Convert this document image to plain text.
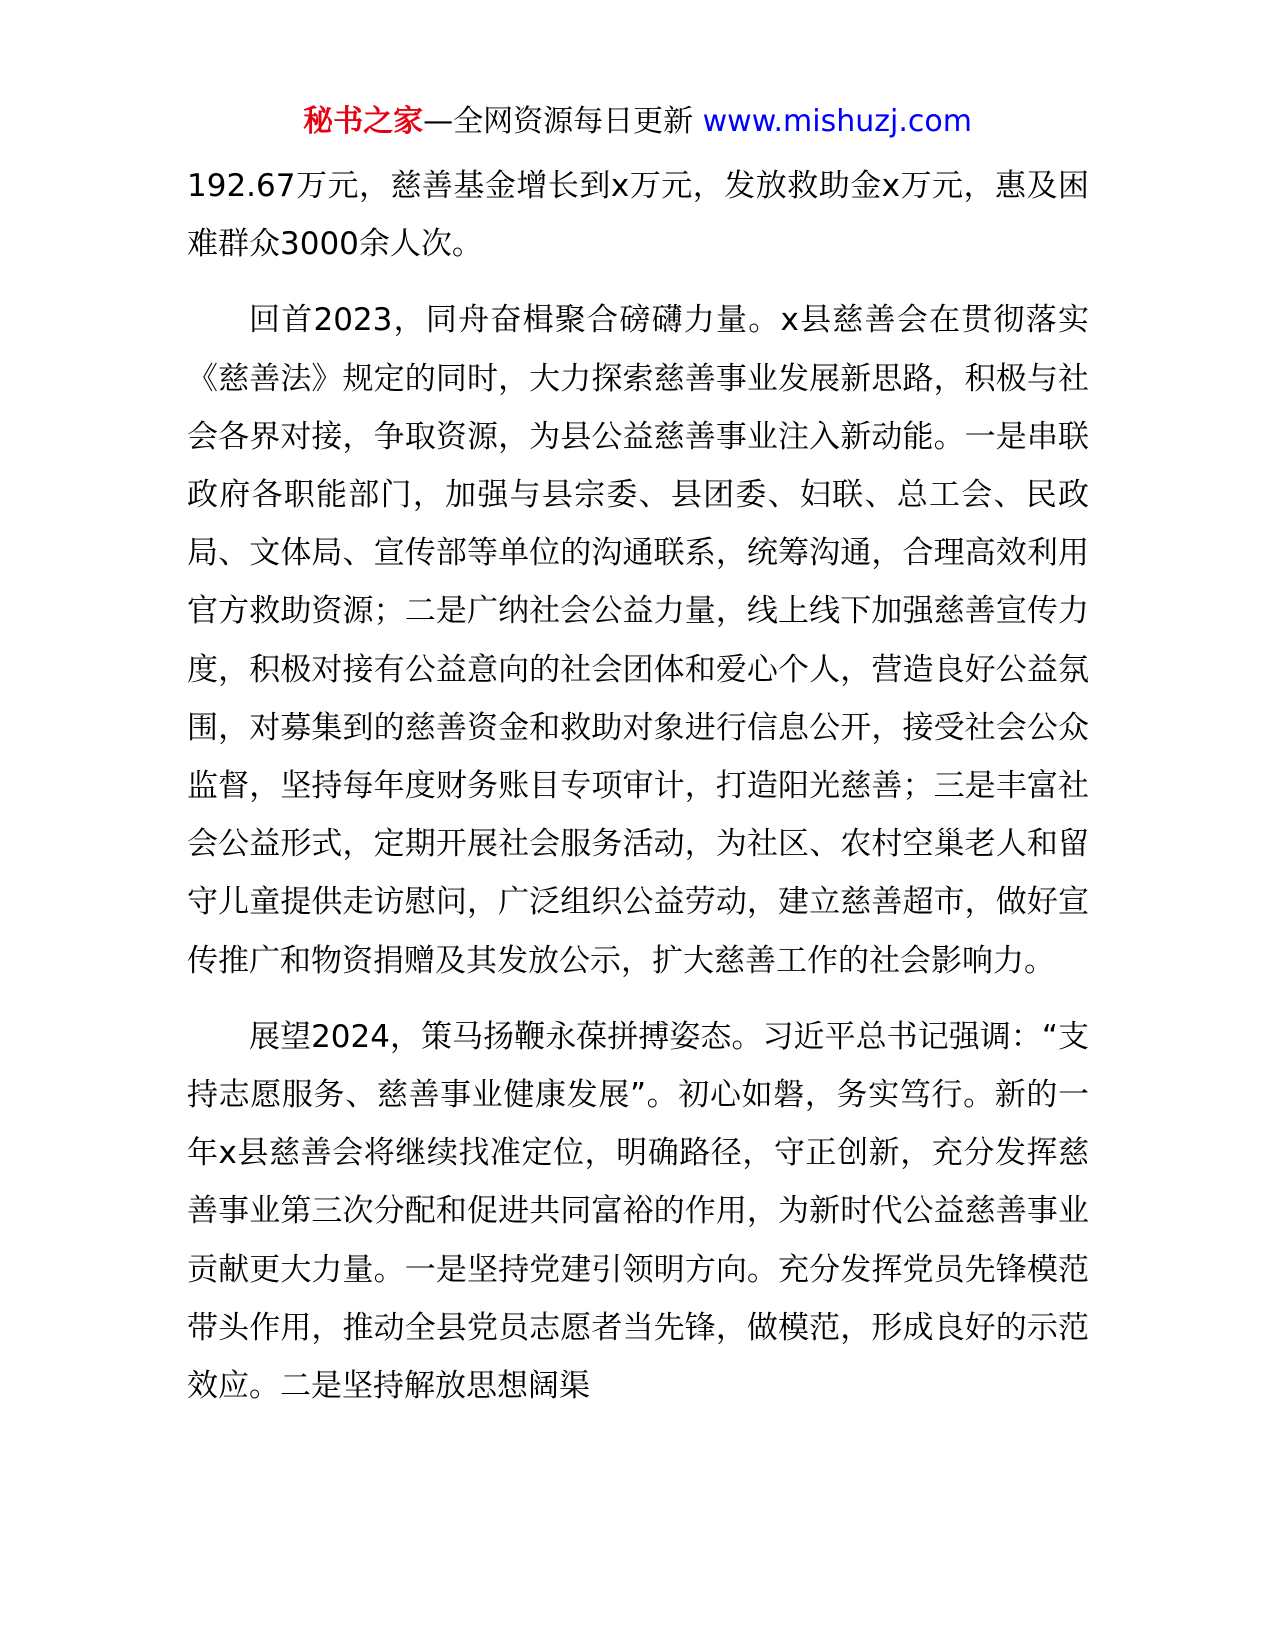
秘书之家—全网资源每日更新 www.mishuzj.com

192.67万元，慈善基金增长到x万元，发放救助金x万元，惠及困难群众3000余人次。

回首2023，同舟奋楫聚合磅礴力量。x县慈善会在贯彻落实《慈善法》规定的同时，大力探索慈善事业发展新思路，积极与社会各界对接，争取资源，为县公益慈善事业注入新动能。一是串联政府各职能部门，加强与县宗委、县团委、妇联、总工会、民政局、文体局、宣传部等单位的沟通联系，统筹沟通，合理高效利用官方救助资源；二是广纳社会公益力量，线上线下加强慈善宣传力度，积极对接有公益意向的社会团体和爱心个人，营造良好公益氛围，对募集到的慈善资金和救助对象进行信息公开，接受社会公众监督，坚持每年度财务账目专项审计，打造阳光慈善；三是丰富社会公益形式，定期开展社会服务活动，为社区、农村空巢老人和留守儿童提供走访慰问，广泛组织公益劳动，建立慈善超市，做好宣传推广和物资捐赠及其发放公示，扩大慈善工作的社会影响力。

展望2024，策马扬鞭永葆拼搏姿态。习近平总书记强调：“支持志愿服务、慈善事业健康发展”。初心如磐，务实笃行。新的一年x县慈善会将继续找准定位，明确路径，守正创新，充分发挥慈善事业第三次分配和促进共同富裕的作用，为新时代公益慈善事业贡献更大力量。一是坚持党建引领明方向。充分发挥党员先锋模范带头作用，推动全县党员志愿者当先锋，做模范，形成良好的示范效应。二是坚持解放思想阔渠
